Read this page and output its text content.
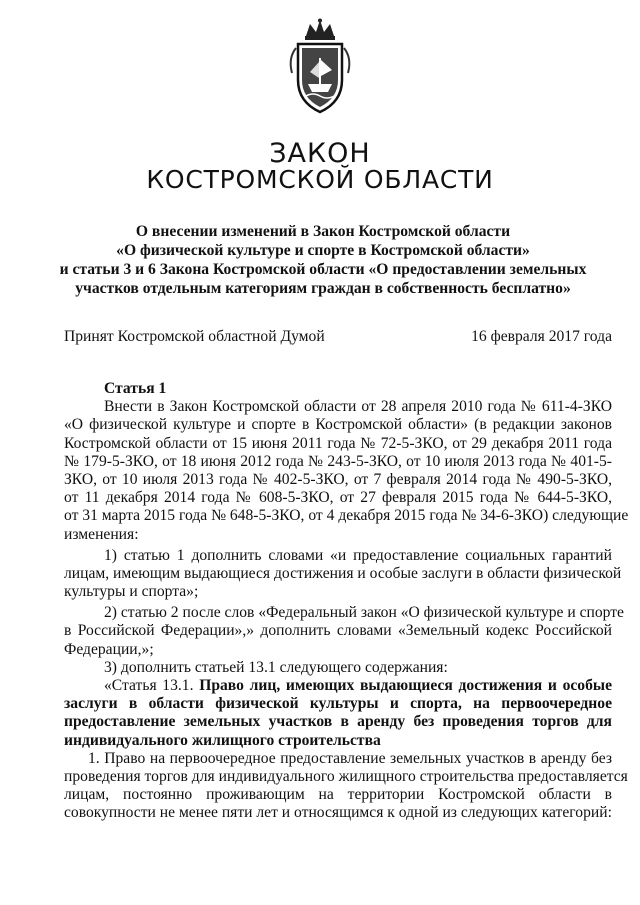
ЗАКОН
КОСТРОМСКОЙ ОБЛАСТИ
О внесении изменений в Закон Костромской области
«О физической культуре и спорте в Костромской области»
и статьи 3 и 6 Закона Костромской области «О предоставлении земельных
участков отдельным категориям граждан в собственность бесплатно»
Принят Костромской областной Думой	16 февраля 2017 года
Статья 1
Внести в Закон Костромской области от 28 апреля 2010 года № 611-4-ЗКО
«О физической культуре и спорте в Костромской области» (в редакции законов
Костромской области от 15 июня 2011 года № 72-5-ЗКО, от 29 декабря 2011 года
№ 179-5-ЗКО, от 18 июня 2012 года № 243-5-ЗКО, от 10 июля 2013 года № 401-5-
ЗКО, от 10 июля 2013 года № 402-5-ЗКО, от 7 февраля 2014 года № 490-5-ЗКО,
от 11 декабря 2014 года № 608-5-ЗКО, от 27 февраля 2015 года № 644-5-ЗКО,
от 31 марта 2015 года № 648-5-ЗКО, от 4 декабря 2015 года № 34-6-ЗКО) следующие
изменения:
1) статью 1 дополнить словами «и предоставление социальных гарантий
лицам, имеющим выдающиеся достижения и особые заслуги в области физической
культуры и спорта»;
2) статью 2 после слов «Федеральный закон «О физической культуре и спорте
в Российской Федерации»,» дополнить словами «Земельный кодекс Российской
Федерации,»;
3) дополнить статьей 13.1 следующего содержания:
«Статья 13.1. Право лиц, имеющих выдающиеся достижения и особые
заслуги в области физической культуры и спорта, на первоочередное
предоставление земельных участков в аренду без проведения торгов для
индивидуального жилищного строительства
1. Право на первоочередное предоставление земельных участков в аренду без
проведения торгов для индивидуального жилищного строительства предоставляется
лицам, постоянно проживающим на территории Костромской области в
совокупности не менее пяти лет и относящимся к одной из следующих категорий:
